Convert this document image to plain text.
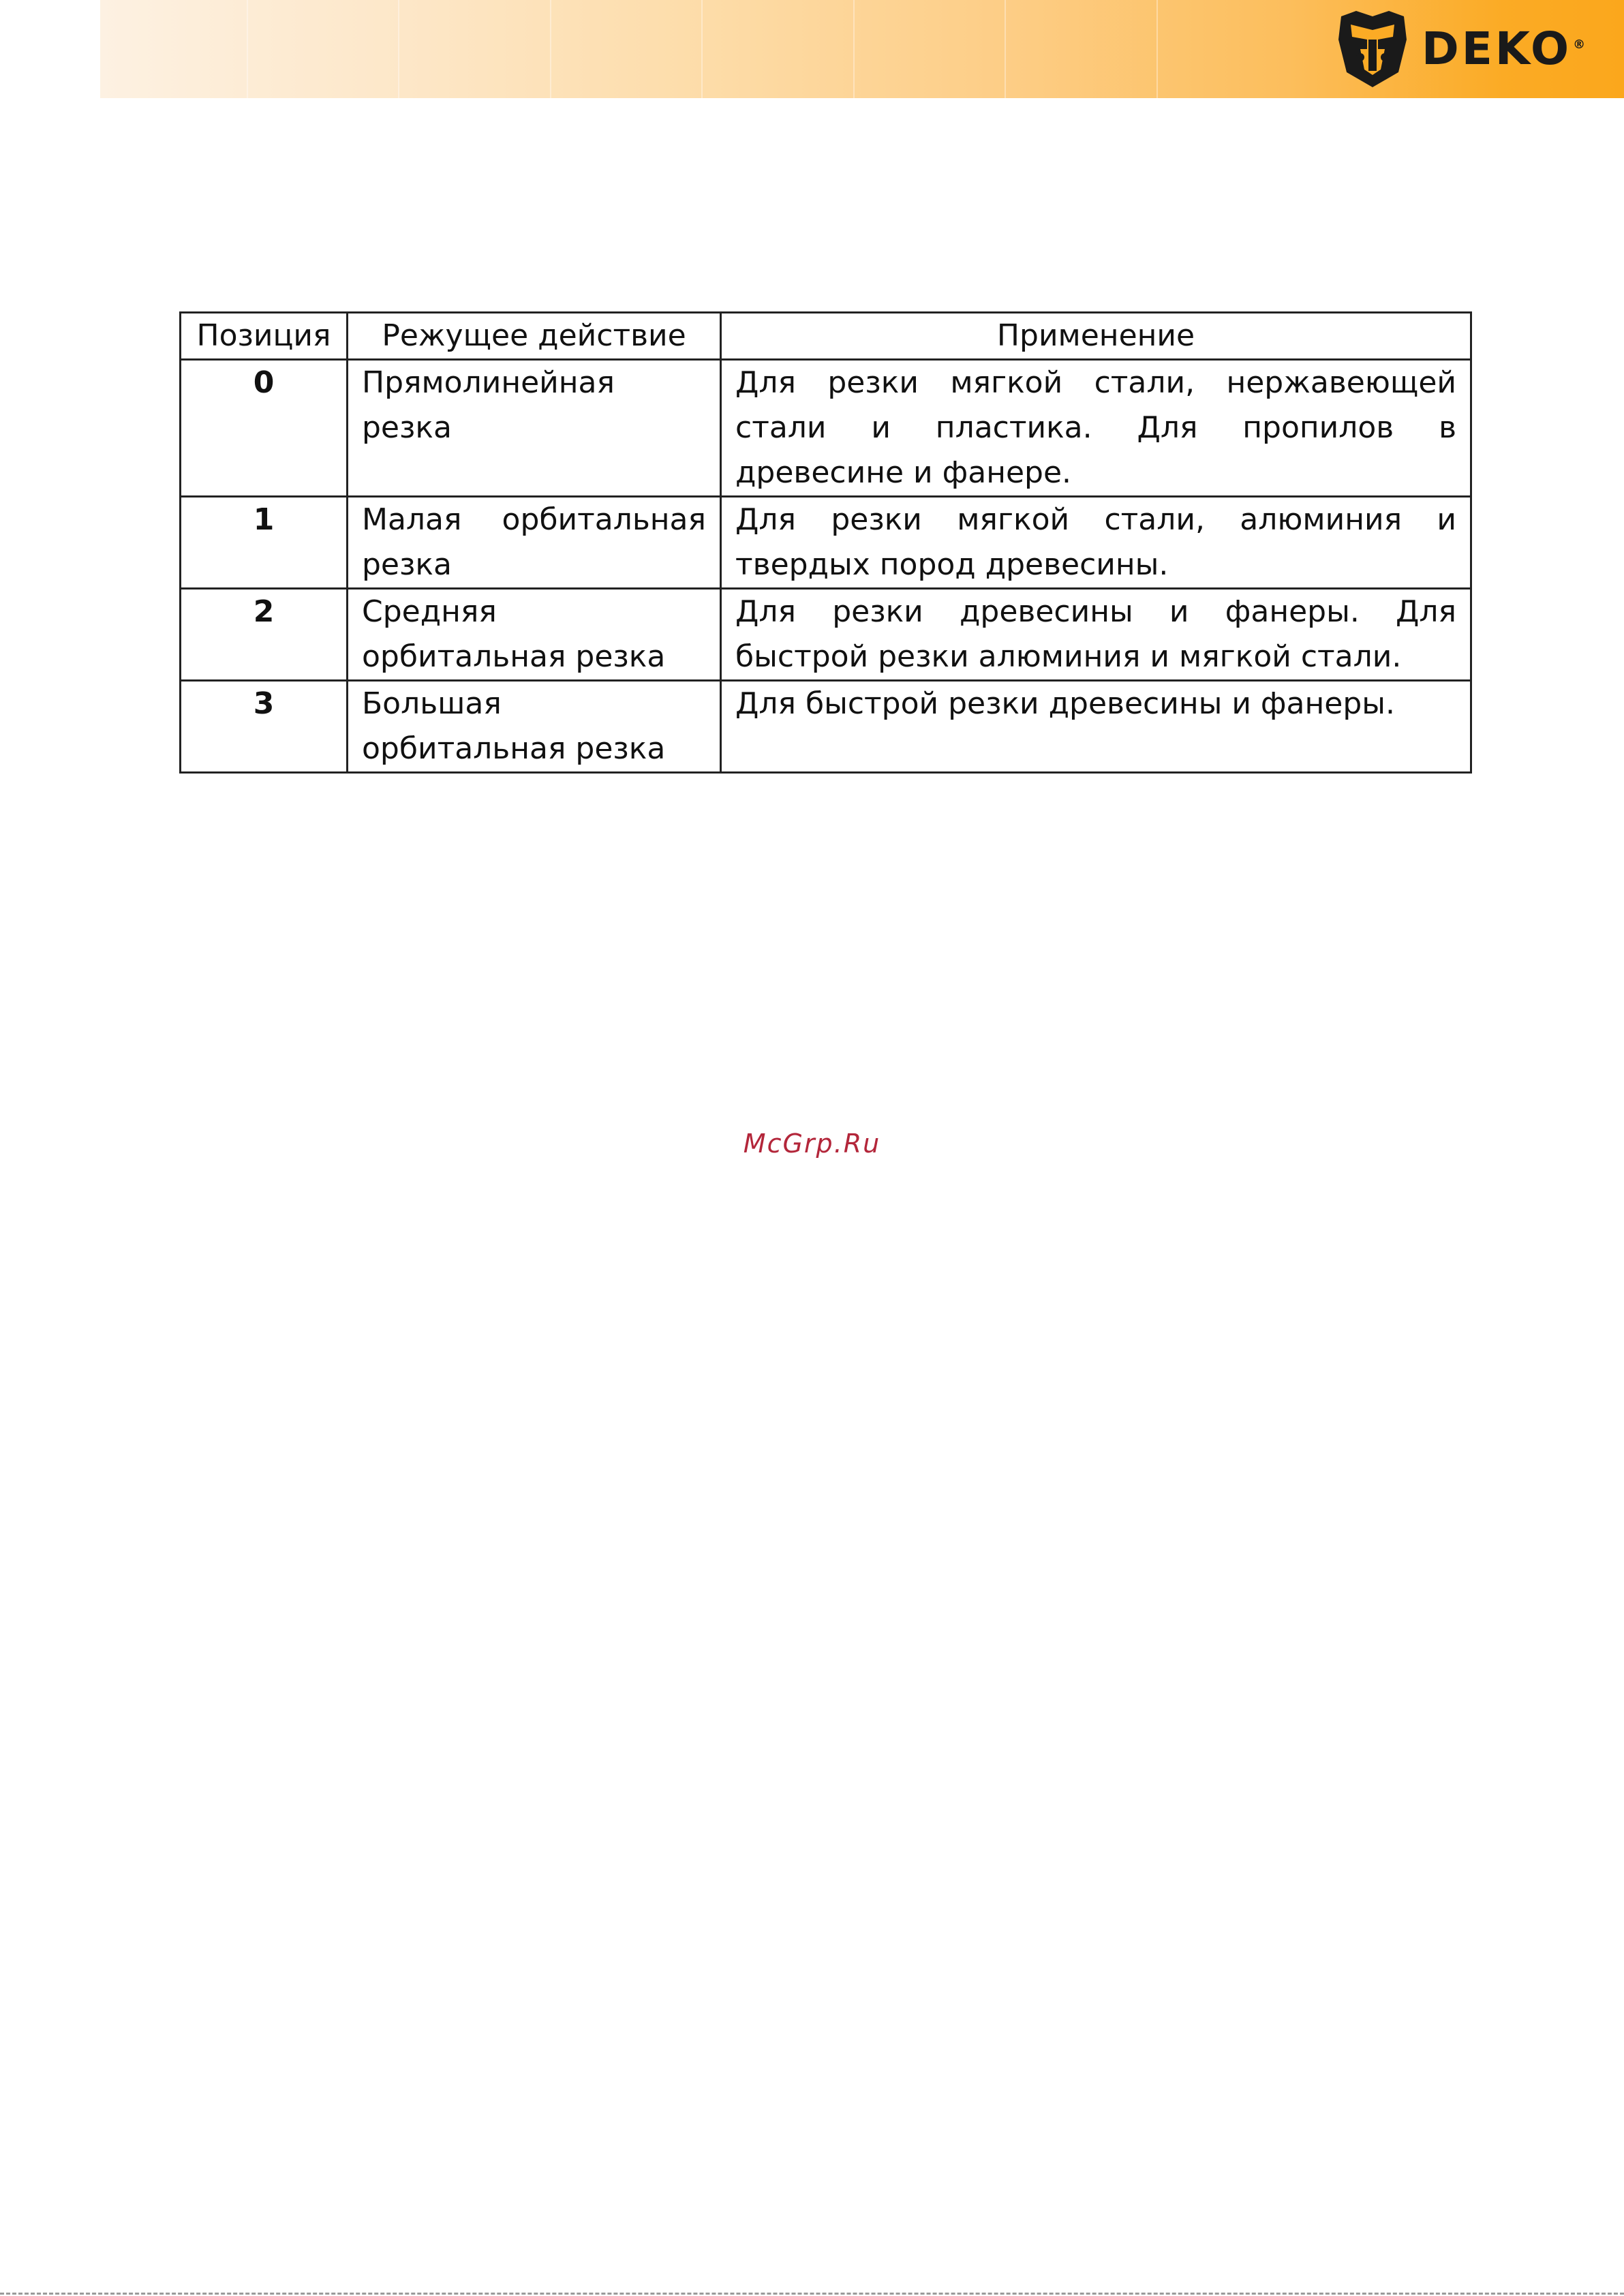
DEKO ®
Позиция	Режущее действие	Применение
0	Прямолинейная резка	Для резки мягкой стали, нержавеющей стали и пластика. Для пропилов в древесине и фанере.
1	Малая орбитальная резка	Для резки мягкой стали, алюминия и твердых пород древесины.
2	Средняя орбитальная резка	Для резки древесины и фанеры. Для быстрой резки алюминия и мягкой стали.
3	Большая орбитальная резка	Для быстрой резки древесины и фанеры.
McGrp.Ru
